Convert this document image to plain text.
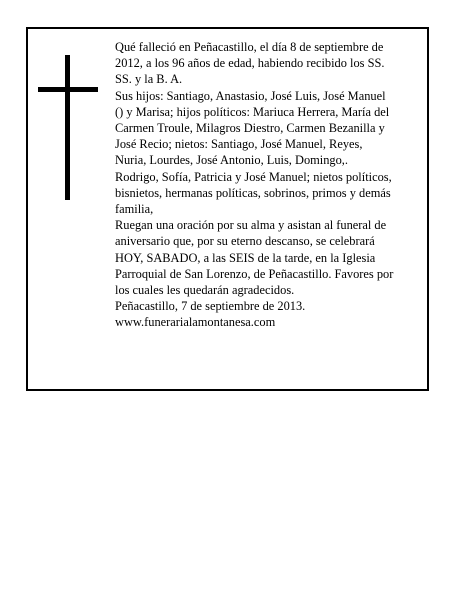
Qué falleció en Peñacastillo, el día 8 de septiembre de
2012, a los 96 años de edad, habiendo recibido los SS.
SS. y la B. A.

Sus hijos: Santiago, Anastasio, José Luis, José Manuel
() y Marisa; hijos políticos: Mariuca Herrera, María del
Carmen Troule, Milagros Diestro, Carmen Bezanilla y
José Recio; nietos: Santiago, José Manuel, Reyes,
Nuria, Lourdes, José Antonio, Luis, Domingo,.
Rodrigo, Sofía, Patricia y José Manuel; nietos políticos,
bisnietos, hermanas políticas, sobrinos, primos y demás
familia,

Ruegan una oración por su alma y asistan al funeral de
aniversario que, por su eterno descanso, se celebrará
HOY, SABADO, a las SEIS de la tarde, en la Iglesia
Parroquial de San Lorenzo, de Peñacastillo. Favores por
los cuales les quedarán agradecidos.

Peñacastillo, 7 de septiembre de 2013.

www.funerarialamontanesa.com
